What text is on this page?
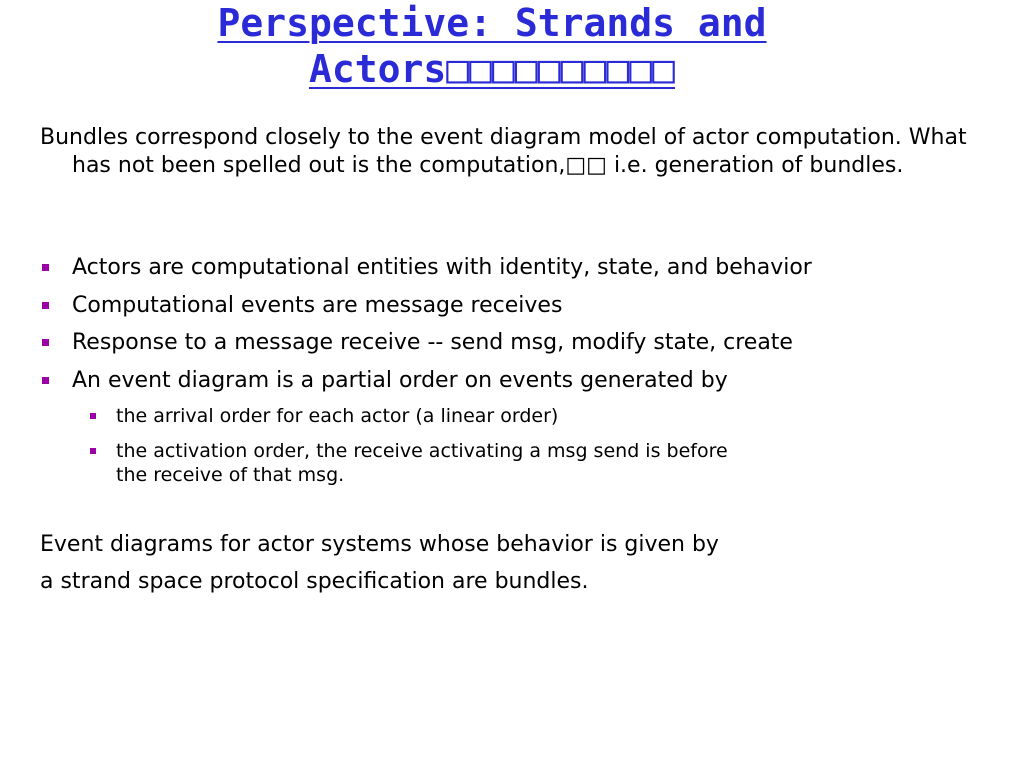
Perspective: Strands and
Actors□□□□□□□□□□

Bundles correspond closely to the event diagram model of actor computation. What has not been spelled out is the computation,□□ i.e. generation of bundles.

Actors are computational entities with identity, state, and behavior
Computational events are message receives
Response to a message receive -- send msg, modify state, create
An event diagram is a partial order on events generated by
the arrival order for each actor (a linear order)
the activation order, the receive activating a msg send is before
the receive of that msg.

Event diagrams for actor systems whose behavior is given by

a strand space protocol specification are bundles.
